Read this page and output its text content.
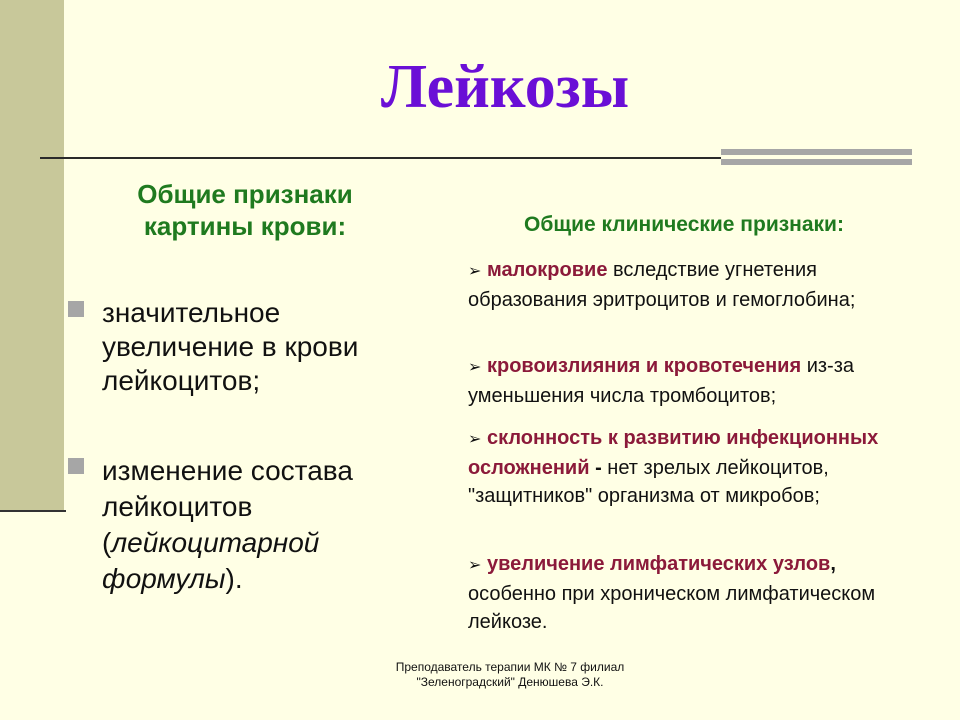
Лейкозы
Общие признаки картины крови:
значительное увеличение в крови лейкоцитов;
изменение состава лейкоцитов (лейкоцитарной формулы).
Общие клинические признаки:
➢ малокровие вследствие угнетения образования эритроцитов и гемоглобина;
➢ кровоизлияния и кровотечения из-за уменьшения числа тромбоцитов;
➢ склонность к развитию инфекционных осложнений - нет зрелых лейкоцитов, "защитников" организма от микробов;
➢ увеличение лимфатических узлов, особенно при хроническом лимфатическом лейкозе.
Преподаватель терапии МК № 7 филиал
"Зеленоградский" Денюшева Э.К.
